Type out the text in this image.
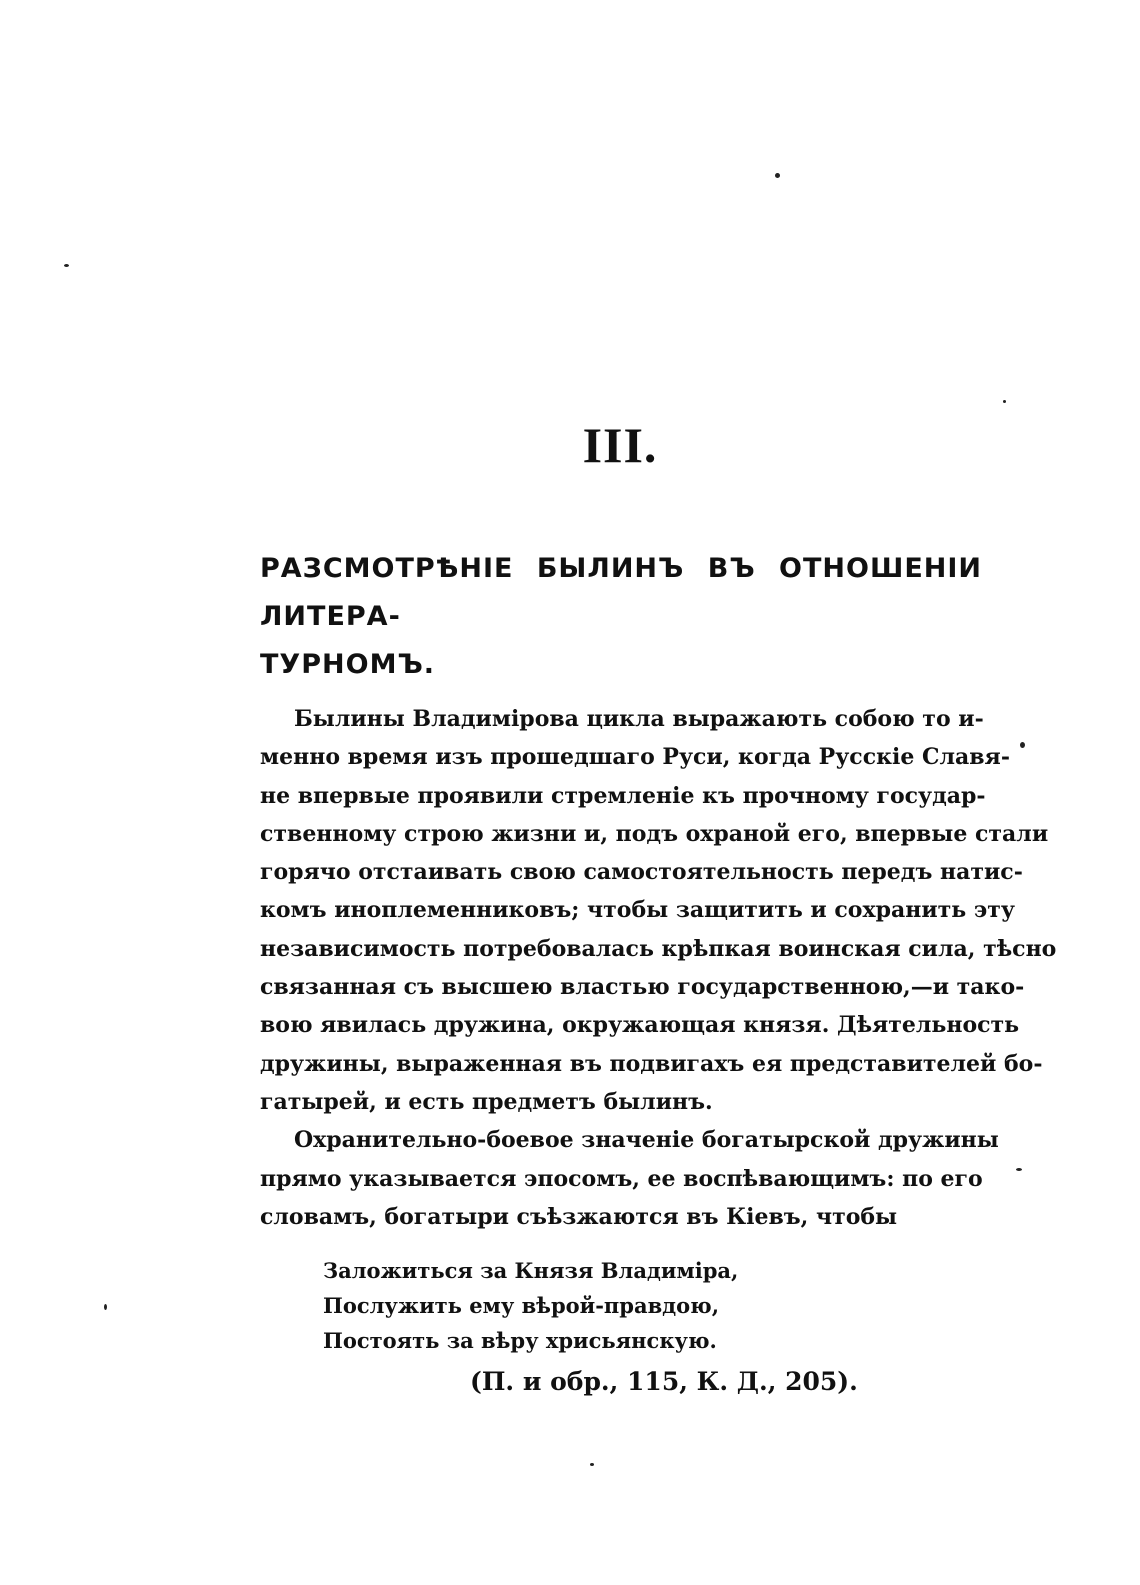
III.
РАЗСМОТРѢНІЕ БЫЛИНЪ ВЪ ОТНОШЕНІИ ЛИТЕРА-
ТУРНОМЪ.
Былины Владимірова цикла выражають собою то и-
менно время изъ прошедшаго Руси, когда Русскіе Славя-
не впервые проявили стремленіе къ прочному государ-
ственному строю жизни и, подъ охраной его, впервые стали
горячо отстаивать свою самостоятельность передъ натис-
комъ иноплеменниковъ; чтобы защитить и сохранить эту
независимость потребовалась крѣпкая воинская сила, тѣсно
связанная съ высшею властью государственною,—и тако-
вою явилась дружина, окружающая князя. Дѣятельность
дружины, выраженная въ подвигахъ ея представителей бо-
гатырей, и есть предметъ былинъ.
Охранительно-боевое значеніе богатырской дружины
прямо указывается эпосомъ, ее воспѣвающимъ: по его
словамъ, богатыри съѣзжаются въ Кіевъ, чтобы
Заложиться за Князя Владиміра,
Послужить ему вѣрой-правдою,
Постоять за вѣру хрисьянскую.
(П. и обр., 115, К. Д., 205).
